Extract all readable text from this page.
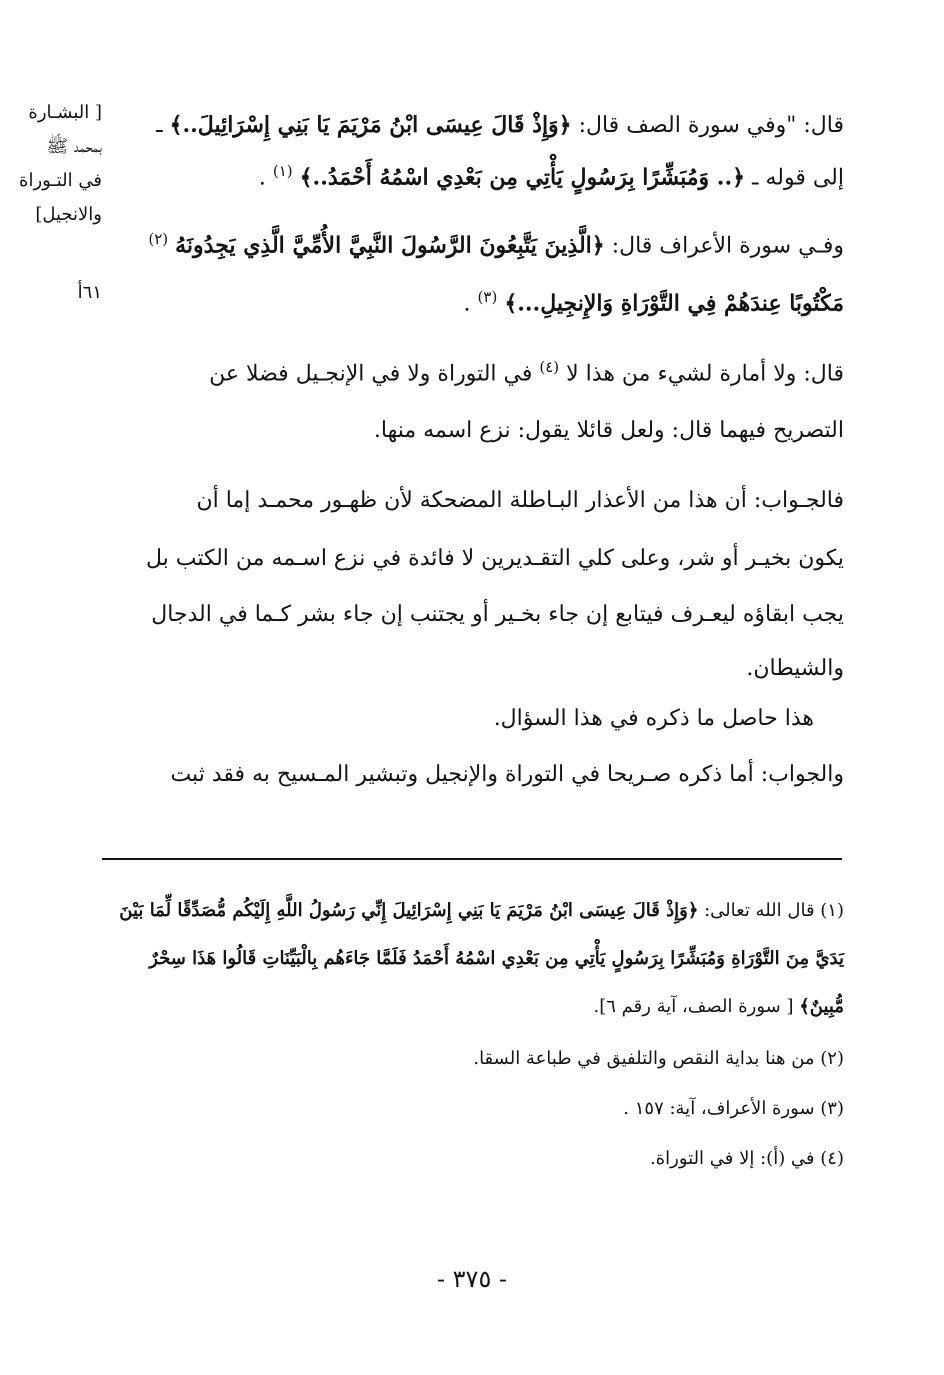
[ البشـارة
بمحمد ﷺ
في التـوراة
والانجيل]
٦١أ
قال: "وفي سورة الصف قال: ﴿وَإِذْ قَالَ عِيسَى ابْنُ مَرْيَمَ يَا بَنِي إِسْرَائِيلَ..﴾ ـ
إلى قوله ـ ﴿.. وَمُبَشِّرًا بِرَسُولٍ يَأْتِي مِن بَعْدِي اسْمُهُ أَحْمَدُ..﴾ $^{(١)}$ .
وفـي سورة الأعراف قال: ﴿الَّذِينَ يَتَّبِعُونَ الرَّسُولَ النَّبِيَّ الأُمِّيَّ الَّذِي يَجِدُونَهُ $^{(٢)}$
مَكْتُوبًا عِندَهُمْ فِي التَّوْرَاةِ وَالإِنجِيلِ...﴾ $^{(٣)}$ .
قال: ولا أمارة لشيء من هذا لا $^{(٤)}$ في التوراة ولا في الإنجـيل فضلا عن
التصريح فيهما قال: ولعل قائلا يقول: نزع اسمه منها.
فالجـواب: أن هذا من الأعذار البـاطلة المضحكة لأن ظهـور محمـد إما أن
يكون بخيـر أو شر، وعلى كلي التقـديرين لا فائدة في نزع اسـمه من الكتب بل
يجب ابقاؤه ليعـرف فيتابع إن جاء بخـير أو يجتنب إن جاء بشر كـما في الدجال
والشيطان.
هذا حاصل ما ذكره في هذا السؤال.
والجواب: أما ذكره صـريحا في التوراة والإنجيل وتبشير المـسيح به فقد ثبت
(١) قال الله تعالى: ﴿وَإِذْ قَالَ عِيسَى ابْنُ مَرْيَمَ يَا بَنِي إِسْرَائِيلَ إِنِّي رَسُولُ اللَّهِ إِلَيْكُم مُّصَدِّقًا لِّمَا بَيْنَ
يَدَيَّ مِنَ التَّوْرَاةِ وَمُبَشِّرًا بِرَسُولٍ يَأْتِي مِن بَعْدِي اسْمُهُ أَحْمَدُ فَلَمَّا جَاءَهُم بِالْبَيِّنَاتِ قَالُوا هَذَا سِحْرٌ
مُّبِينٌ﴾ [ سورة الصف، آية رقم ٦].
(٢) من هنا بداية النقص والتلفيق في طباعة السقا.
(٣) سورة الأعراف، آية: ١٥٧ .
(٤) في (أ): إلا في التوراة.
- ٣٧٥ -
